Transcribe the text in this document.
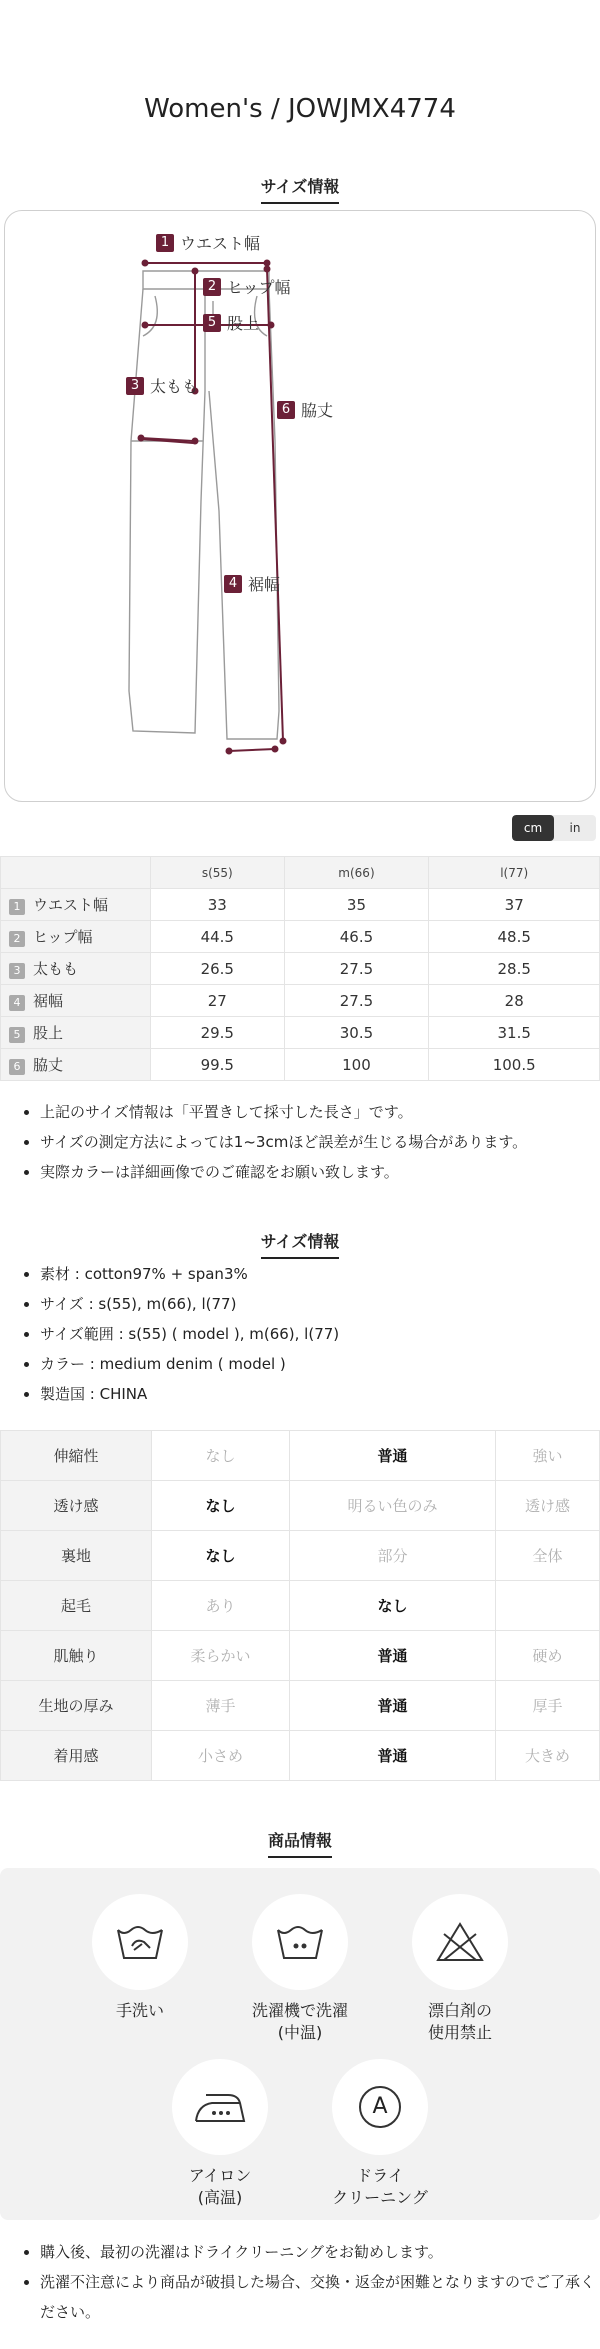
Women's / JOWJMX4774
サイズ情報
1 ウエスト幅
2 ヒップ幅
5 股上
3 太もも
6 脇丈
4 裾幅
cm	in
	s(55)	m(66)	l(77)
1 ウエスト幅	33	35	37
2 ヒップ幅	44.5	46.5	48.5
3 太もも	26.5	27.5	28.5
4 裾幅	27	27.5	28
5 股上	29.5	30.5	31.5
6 脇丈	99.5	100	100.5
• 上記のサイズ情報は「平置きして採寸した長さ」です。
• サイズの測定方法によっては1~3cmほど誤差が生じる場合があります。
• 実際カラーは詳細画像でのご確認をお願い致します。
サイズ情報
• 素材 : cotton97% + span3%
• サイズ : s(55), m(66), l(77)
• サイズ範囲 : s(55) ( model ), m(66), l(77)
• カラー : medium denim ( model )
• 製造国 : CHINA
伸縮性	なし	普通	強い
透け感	なし	明るい色のみ	透け感
裏地	なし	部分	全体
起毛	あり	なし	
肌触り	柔らかい	普通	硬め
生地の厚み	薄手	普通	厚手
着用感	小さめ	普通	大きめ
商品情報
手洗い	洗濯機で洗濯
(中温)
漂白剤の
使用禁止
アイロン
(高温)
A
ドライ
クリーニング
• 購入後、最初の洗濯はドライクリーニングをお勧めします。
• 洗濯不注意により商品が破損した場合、交換・返金が困難となりますのでご了承ください。
